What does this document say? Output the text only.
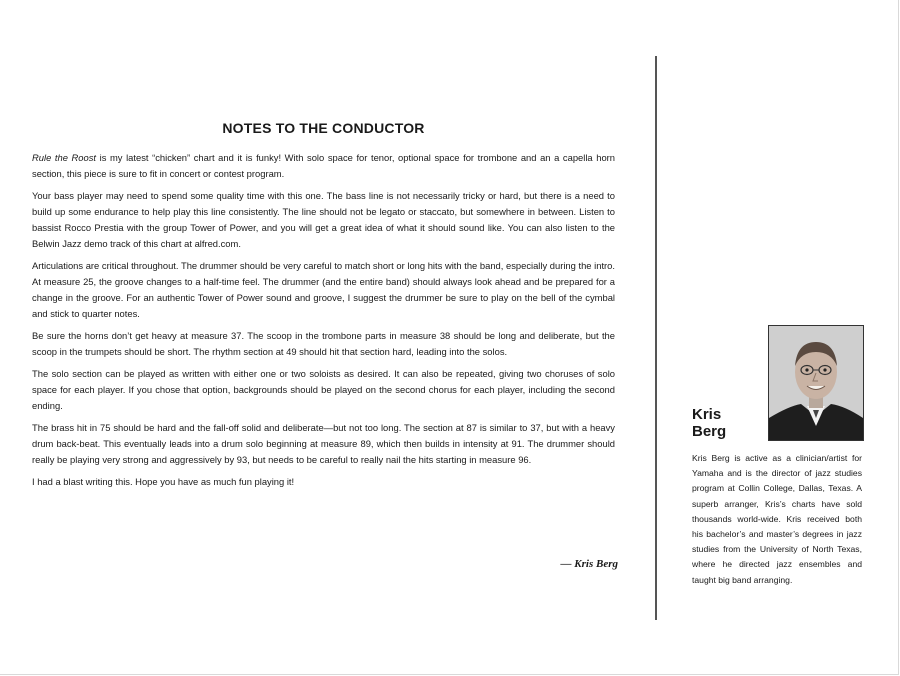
NOTES TO THE CONDUCTOR

Rule the Roost is my latest “chicken” chart and it is funky! With solo space for tenor, optional space for trombone and an a capella horn section, this piece is sure to fit in concert or contest program.

Your bass player may need to spend some quality time with this one. The bass line is not necessarily tricky or hard, but there is a need to build up some endurance to help play this line consistently. The line should not be legato or staccato, but somewhere in between. Listen to bassist Rocco Prestia with the group Tower of Power, and you will get a great idea of what it should sound like. You can also listen to the Belwin Jazz demo track of this chart at alfred.com.

Articulations are critical throughout. The drummer should be very careful to match short or long hits with the band, especially during the intro. At measure 25, the groove changes to a half-time feel. The drummer (and the entire band) should always look ahead and be prepared for a change in the groove. For an authentic Tower of Power sound and groove, I suggest the drummer be sure to play on the bell of the cymbal and stick to quarter notes.

Be sure the horns don’t get heavy at measure 37. The scoop in the trombone parts in measure 38 should be long and deliberate, but the scoop in the trumpets should be short. The rhythm section at 49 should hit that section hard, leading into the solos.

The solo section can be played as written with either one or two soloists as desired. It can also be repeated, giving two choruses of solo space for each player. If you chose that option, backgrounds should be played on the second chorus for each player, including the second ending.

The brass hit in 75 should be hard and the fall-off solid and deliberate—but not too long. The section at 87 is similar to 37, but with a heavy drum back-beat. This eventually leads into a drum solo beginning at measure 89, which then builds in intensity at 91. The drummer should really be playing very strong and aggressively by 93, but needs to be careful to really nail the hits starting in measure 96.

I had a blast writing this. Hope you have as much fun playing it!

— Kris Berg
Kris
Berg

Kris Berg is active as a clinician/artist for Yamaha and is the director of jazz studies program at Collin College, Dallas, Texas. A superb arranger, Kris’s charts have sold thousands world-wide. Kris received both his bachelor’s and master’s degrees in jazz studies from the University of North Texas, where he directed jazz ensembles and taught big band arranging.
